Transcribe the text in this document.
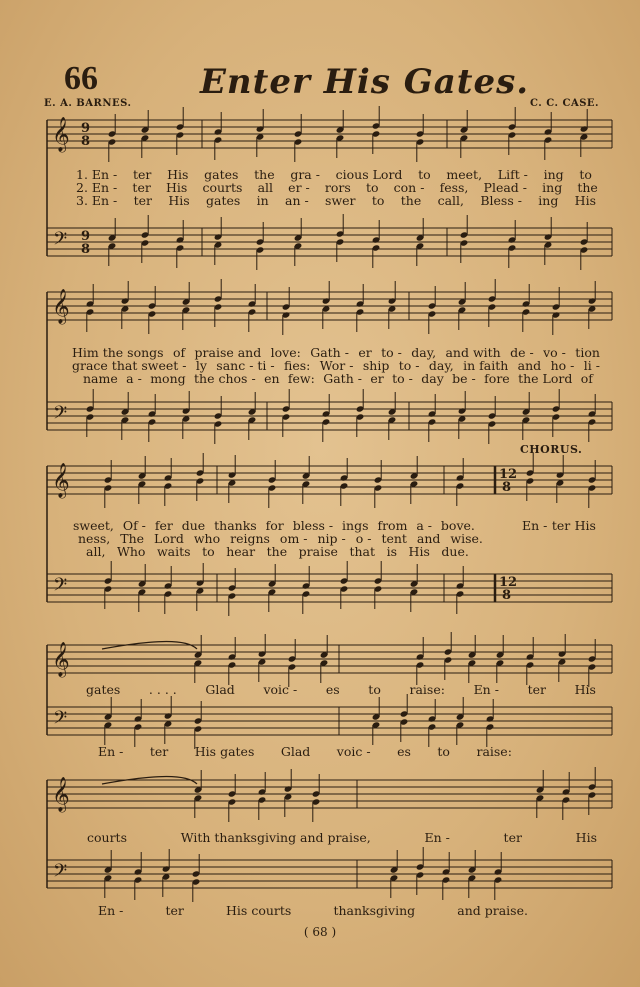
66	Enter His Gates.
E. A. BARNES.	C. C. CASE.
𝄞 9
8
𝄢 9
8
𝄞
𝄢
𝄞	12
8
𝄢	12
8
𝄞
𝄢
𝄞
𝄢
1. En - ter His gates the gra - cious Lord to meet, Lift - ing to
2. En - ter His courts all er - rors to con - fess, Plead - ing the
3. En - ter His gates in an - swer to the call, Bless - ing His
Him the songs of praise and love: Gath - er to - day, and with de - vo - tion
grace that sweet - ly sanc - ti - fies: Wor - ship to - day, in faith and ho - li -
name a - mong the chos - en few: Gath - er to - day be - fore the Lord of
CHORUS.
sweet, Of - fer due thanks for bless - ings from a - bove.
ness, The Lord who reigns om - nip - o - tent and wise.
all, Who waits to hear the praise that is His due.
En - ter His
gates . . . . Glad voic - es to raise: En - ter His
En - ter His gates Glad voic - es to raise:
courts	With thanksgiving and praise,	En -	ter	His
En -	ter	His courts	thanksgiving	and praise.
( 68 )
